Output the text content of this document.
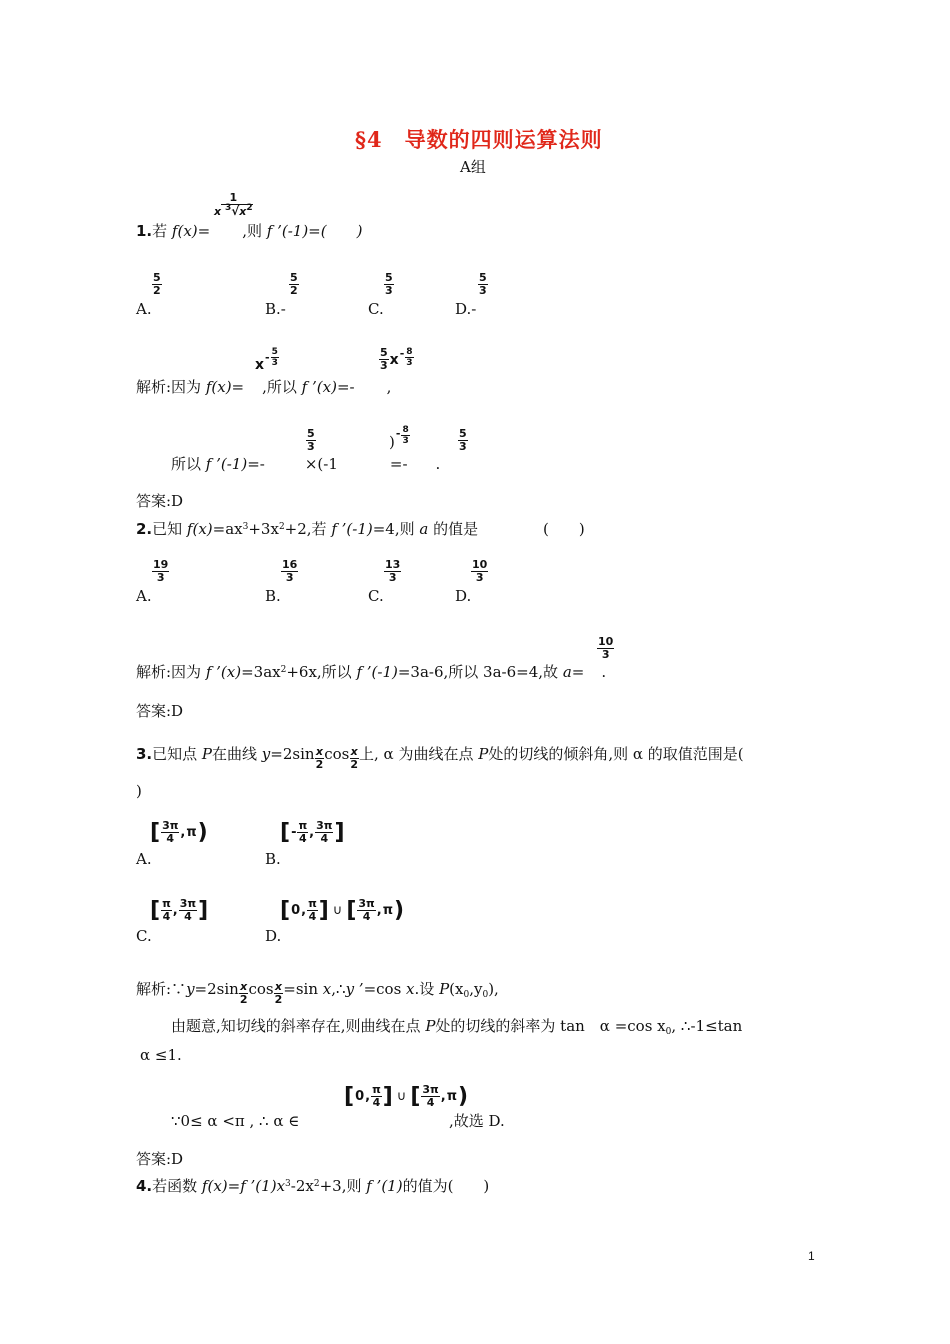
§4　导数的四则运算法则
A组
1.若 f(x)= ,则 f ’(-1)=(　　)
1
x $^3√x^2$
A.
$\frac{5}{2}$
B.-
$\frac{5}{2}$
C.
$\frac{5}{3}$
D.-
$\frac{5}{3}$
解析:因为 f(x)= ,所以 f ’(x)=- ,
x - $\frac{5}{3}$	$\frac{5}{3}$ x - $\frac{8}{3}$
所以 f ’(-1)=-	×(-1	=- .
$\frac{5}{3}$	) - $\frac{8}{3}$	$\frac{5}{3}$
答案:D
2.已知 $f(x)=ax^3+3x^2+2$,若 f ’(-1)=4,则 a 的值是	(　　)
A.
$\frac{19}{3}$
B.
$\frac{16}{3}$
C.
$\frac{13}{3}$
D.
$\frac{10}{3}$
解析:因为 f $’(x)=3ax^2+6x$,所以 f ’(-1)=3a-6,所以 3a-6=4,故 a= .
$\frac{10}{3}$
答案:D
3.已知点 P在曲线 $y=2\sin \frac{x}{2}$ $\cos \frac{x}{2}$ 上, α 为曲线在点 P处的切线的倾斜角,则 α 的取值范围是(
)
A.
[ $\frac{3\pi}{4}$ , π )
B.
[ - $\frac{\pi}{4}$ , $\frac{3\pi}{4}$ ]
C.
[ $\frac{\pi}{4}$ , $\frac{3\pi}{4}$ ]
D.
[ 0 , $\frac{\pi}{4}$ ] ∪ [ $\frac{3\pi}{4}$ , π )
解析:∵y=2sin $\frac{x}{2}$ $\cos \frac{x}{2} =\sin$ x,∴y ’=cos x.设 $P(x_0,y_0)$,
由题意,知切线的斜率存在,则曲线在点 P处的切线的斜率为 tan　α =cos $x_0$, ∴-1≤tan
α ≤1.
∵0≤ α <π , ∴ α ∈
[ 0 , $\frac{\pi}{4}$ ] ∪ [ $\frac{3\pi}{4}$ , π )
,故选 D.
答案:D
4.若函数 f(x)=f $’(1)x^3-2x^2+3$,则 f ’(1)的值为(　　)
1
